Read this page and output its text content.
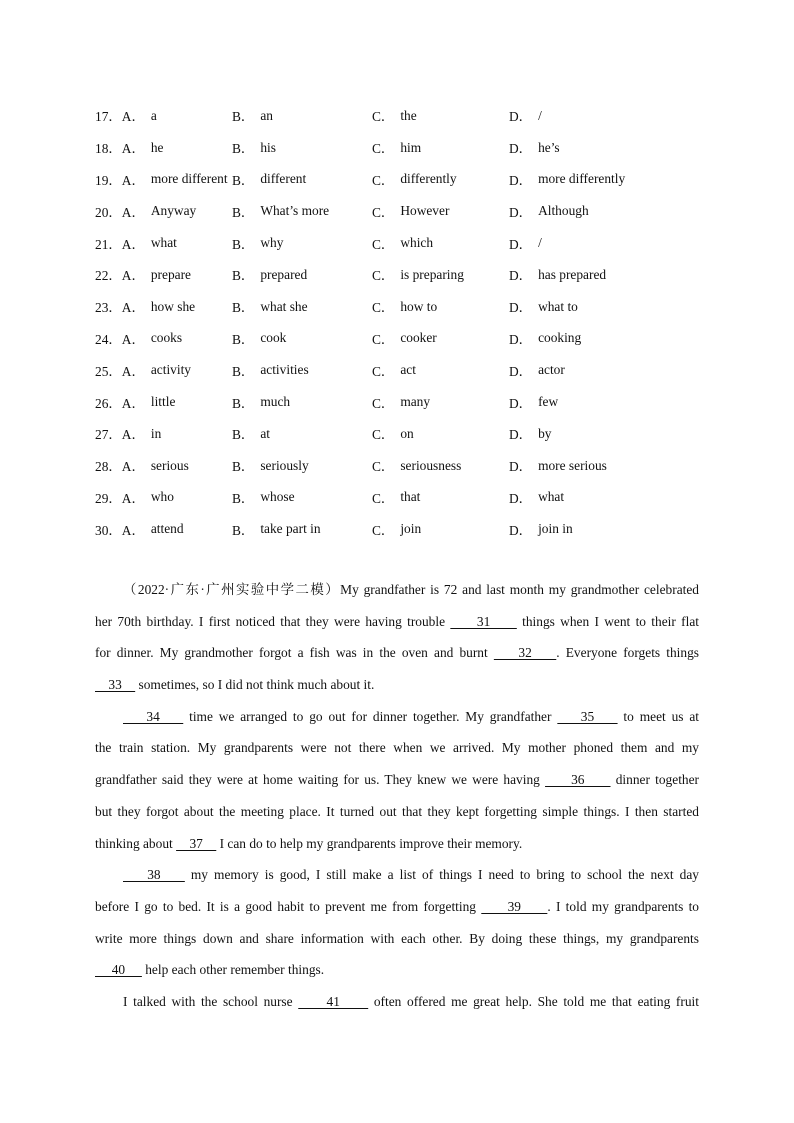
17． A． a	B． an	C． the	D． /
18． A． he	B． his	C． him	D． he’s
19． A． more different B． different	C． differently	D． more differently
20． A． Anyway	B． What’s more	C． However	D． Although
21． A． what	B． why	C． which	D． /
22． A． prepare	B． prepared	C． is preparing	D． has prepared
23． A． how she	B． what she	C． how to	D． what to
24． A． cooks	B． cook	C． cooker	D． cooking
25． A． activity	B． activities	C． act	D． actor
26． A． little	B． much	C． many	D． few
27． A． in	B． at	C． on	D． by
28． A． serious	B． seriously	C． seriousness	D． more serious
29． A． who	B． whose	C． that	D． what
30． A． attend	B． take part in	C． join	D． join in
（2022·广东·广州实验中学二模）My grandfather is 72 and last month my grandmother celebrated
her 70th birthday. I first noticed that they were having trouble      31      things when I went to their flat
for dinner. My grandmother forgot a fish was in the oven and burnt     32    . Everyone forgets things
33     sometimes, so I did not think much about it.
34     time we arranged to go out for dinner together. My grandfather     35     to meet us at
the train station. My grandparents were not there when we arrived. My mother phoned them and my
grandfather said they were at home waiting for us. They knew we were having      36      dinner together
but they forgot about the meeting place. It turned out that they kept forgetting simple things. I then started
thinking about     37     I can do to help my grandparents improve their memory.
38     my memory is good, I still make a list of things I need to bring to school the next day
before I go to bed. It is a good habit to prevent me from forgetting      39     . I told my grandparents to
write more things down and share information with each other. By doing these things, my grandparents
40      help each other remember things.
I talked with the school nurse      41      often offered me great help. She told me that eating fruit
